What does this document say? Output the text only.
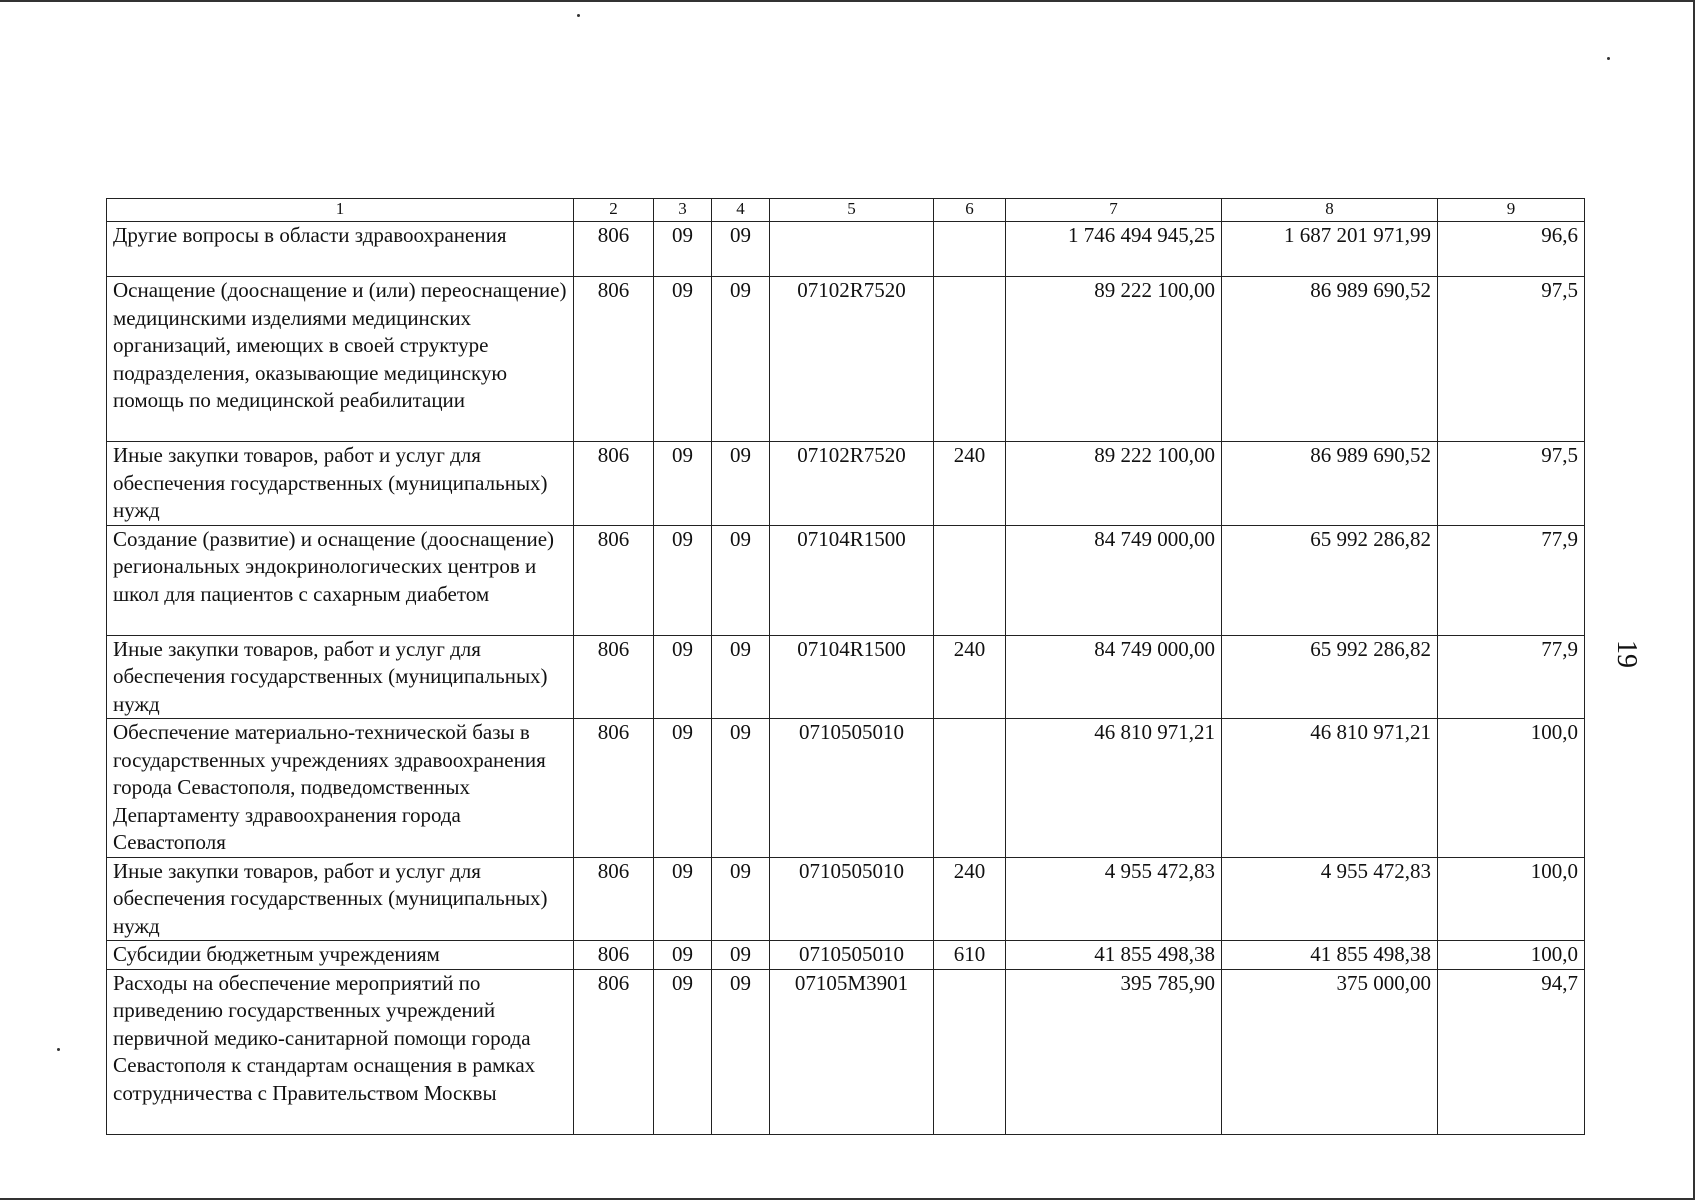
19
1	2	3	4	5	6	7	8	9
Другие вопросы в области здравоохранения	806	09	09			1 746 494 945,25	1 687 201 971,99	96,6
Оснащение (дооснащение и (или) переоснащение) медицинскими изделиями медицинских организаций, имеющих в своей структуре подразделения, оказывающие медицинскую помощь по медицинской реабилитации	806	09	09	07102R7520		89 222 100,00	86 989 690,52	97,5
Иные закупки товаров, работ и услуг для обеспечения государственных (муниципальных) нужд	806	09	09	07102R7520	240	89 222 100,00	86 989 690,52	97,5
Создание (развитие) и оснащение (дооснащение) региональных эндокринологических центров и школ для пациентов с сахарным диабетом	806	09	09	07104R1500		84 749 000,00	65 992 286,82	77,9
Иные закупки товаров, работ и услуг для обеспечения государственных (муниципальных) нужд	806	09	09	07104R1500	240	84 749 000,00	65 992 286,82	77,9
Обеспечение материально-технической базы в государственных учреждениях здравоохранения города Севастополя, подведомственных Департаменту здравоохранения города Севастополя	806	09	09	0710505010		46 810 971,21	46 810 971,21	100,0
Иные закупки товаров, работ и услуг для обеспечения государственных (муниципальных) нужд	806	09	09	0710505010	240	4 955 472,83	4 955 472,83	100,0
Субсидии бюджетным учреждениям	806	09	09	0710505010	610	41 855 498,38	41 855 498,38	100,0
Расходы на обеспечение мероприятий по приведению государственных учреждений первичной медико-санитарной помощи города Севастополя к стандартам оснащения в рамках сотрудничества с Правительством Москвы	806	09	09	07105M3901		395 785,90	375 000,00	94,7
